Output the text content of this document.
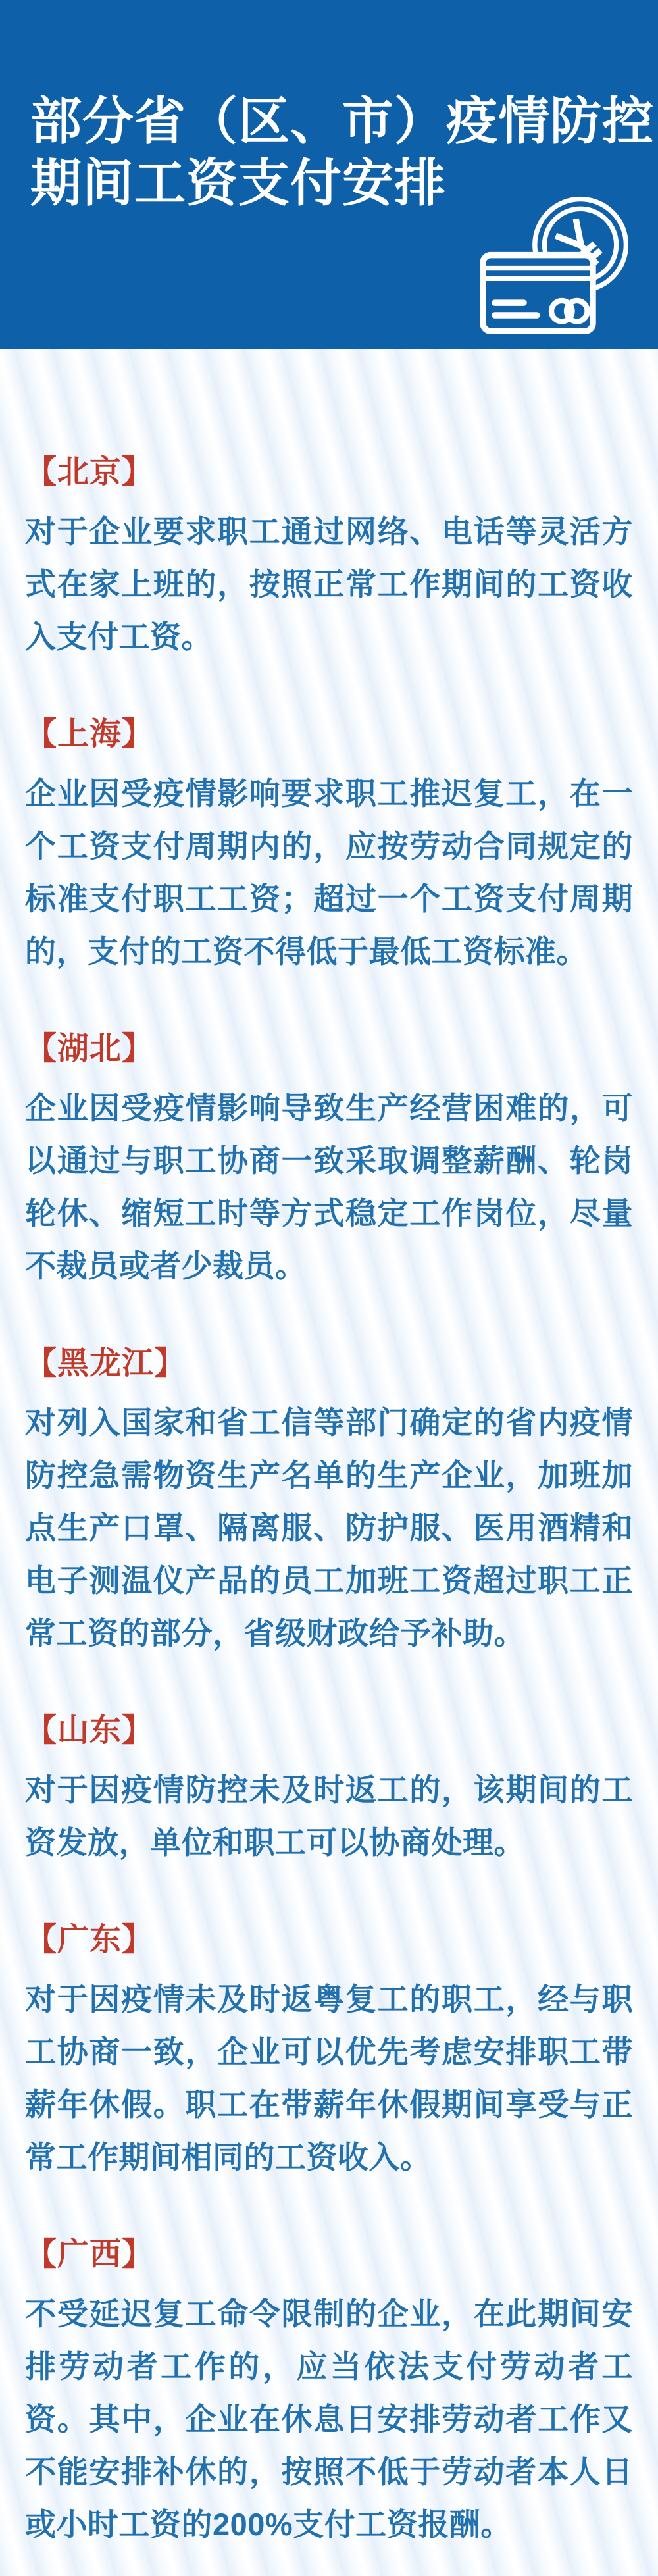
部分省（区、市）疫情防控
期间工资支付安排
【北京】

对于企业要求职工通过网络、电话等灵活方式在家上班的，按照正常工作期间的工资收入支付工资。

【上海】

企业因受疫情影响要求职工推迟复工，在一个工资支付周期内的，应按劳动合同规定的标准支付职工工资；超过一个工资支付周期的，支付的工资不得低于最低工资标准。

【湖北】

企业因受疫情影响导致生产经营困难的，可以通过与职工协商一致采取调整薪酬、轮岗轮休、缩短工时等方式稳定工作岗位，尽量不裁员或者少裁员。

【黑龙江】

对列入国家和省工信等部门确定的省内疫情防控急需物资生产名单的生产企业，加班加点生产口罩、隔离服、防护服、医用酒精和电子测温仪产品的员工加班工资超过职工正常工资的部分，省级财政给予补助。

【山东】

对于因疫情防控未及时返工的，该期间的工资发放，单位和职工可以协商处理。

【广东】

对于因疫情未及时返粤复工的职工，经与职工协商一致，企业可以优先考虑安排职工带薪年休假。职工在带薪年休假期间享受与正常工作期间相同的工资收入。

【广西】

不受延迟复工命令限制的企业，在此期间安排劳动者工作的，应当依法支付劳动者工资。其中，企业在休息日安排劳动者工作又不能安排补休的，按照不低于劳动者本人日或小时工资的200%支付工资报酬。
